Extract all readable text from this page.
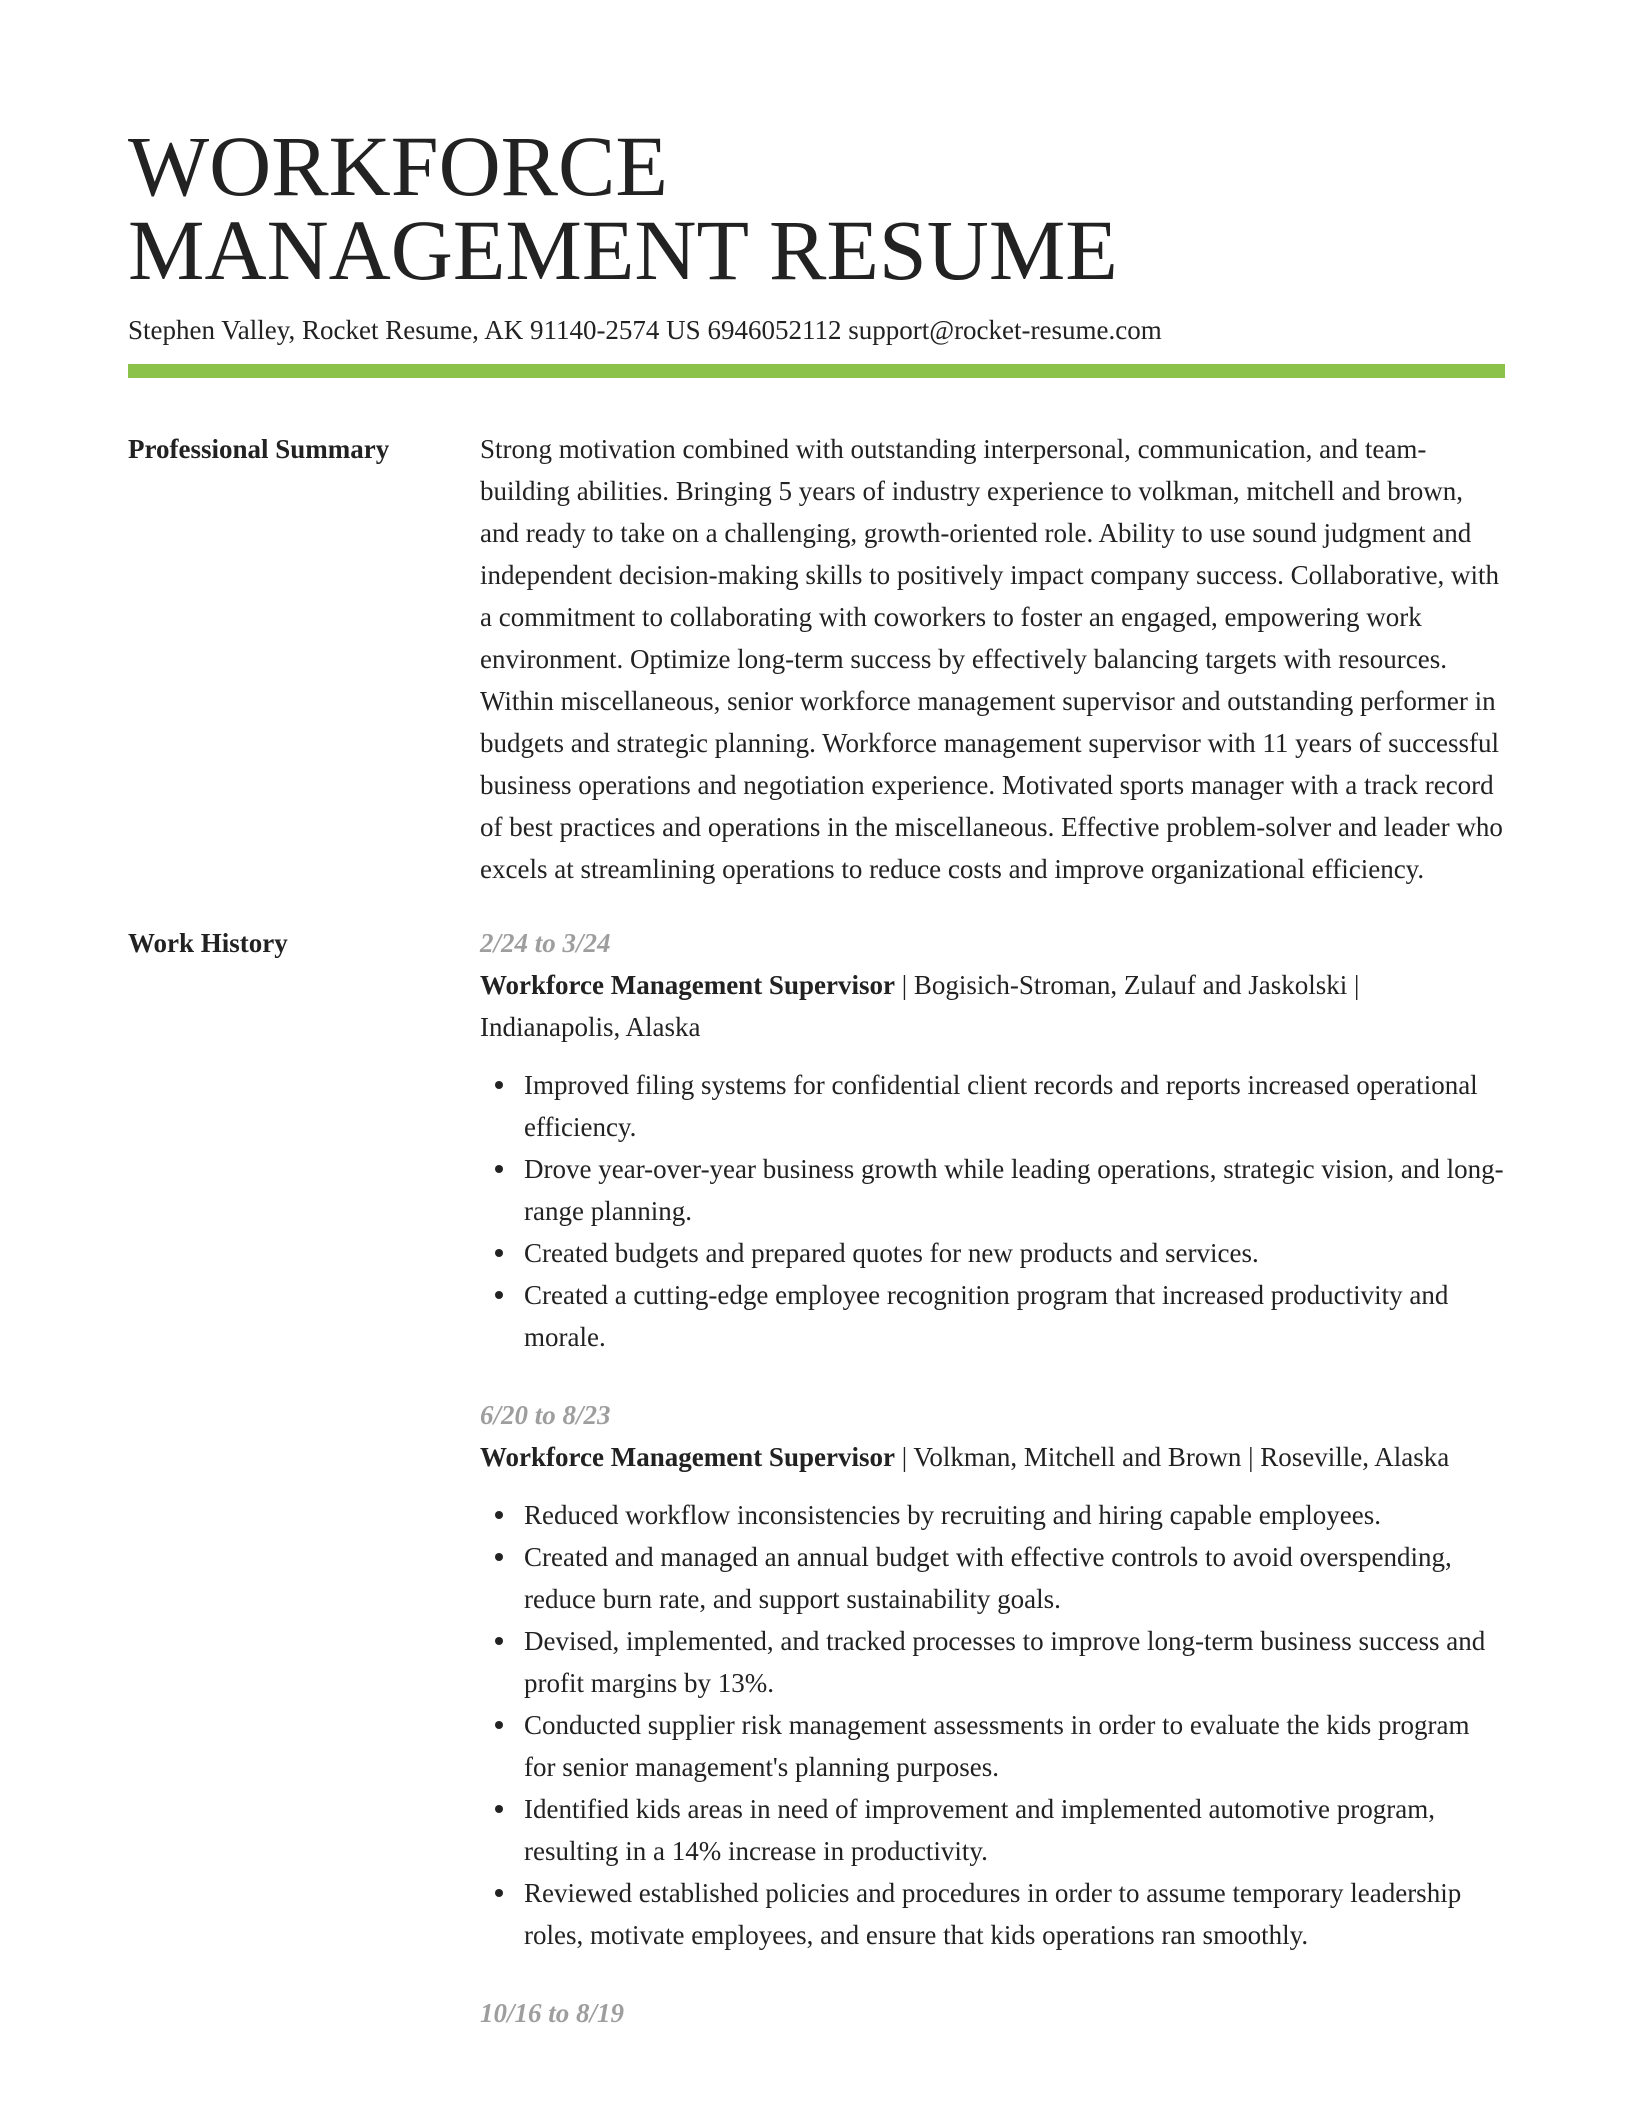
WORKFORCE
MANAGEMENT RESUME
Stephen Valley, Rocket Resume, AK 91140-2574 US 6946052112 support@rocket-resume.com
Professional Summary	Strong motivation combined with outstanding interpersonal, communication, and team-building abilities. Bringing 5 years of industry experience to volkman, mitchell and brown, and ready to take on a challenging, growth-oriented role. Ability to use sound judgment and independent decision-making skills to positively impact company success. Collaborative, with a commitment to collaborating with coworkers to foster an engaged, empowering work environment. Optimize long-term success by effectively balancing targets with resources. Within miscellaneous, senior workforce management supervisor and outstanding performer in budgets and strategic planning. Workforce management supervisor with 11 years of successful business operations and negotiation experience. Motivated sports manager with a track record of best practices and operations in the miscellaneous. Effective problem-solver and leader who excels at streamlining operations to reduce costs and improve organizational efficiency.

Work History	2/24 to 3/24
Workforce Management Supervisor | Bogisich-Stroman, Zulauf and Jaskolski | Indianapolis, Alaska
Improved filing systems for confidential client records and reports increased operational efficiency.
Drove year-over-year business growth while leading operations, strategic vision, and long-range planning.
Created budgets and prepared quotes for new products and services.
Created a cutting-edge employee recognition program that increased productivity and morale.
6/20 to 8/23
Workforce Management Supervisor | Volkman, Mitchell and Brown | Roseville, Alaska
Reduced workflow inconsistencies by recruiting and hiring capable employees.
Created and managed an annual budget with effective controls to avoid overspending, reduce burn rate, and support sustainability goals.
Devised, implemented, and tracked processes to improve long-term business success and profit margins by 13%.
Conducted supplier risk management assessments in order to evaluate the kids program for senior management's planning purposes.
Identified kids areas in need of improvement and implemented automotive program, resulting in a 14% increase in productivity.
Reviewed established policies and procedures in order to assume temporary leadership roles, motivate employees, and ensure that kids operations ran smoothly.
10/16 to 8/19
